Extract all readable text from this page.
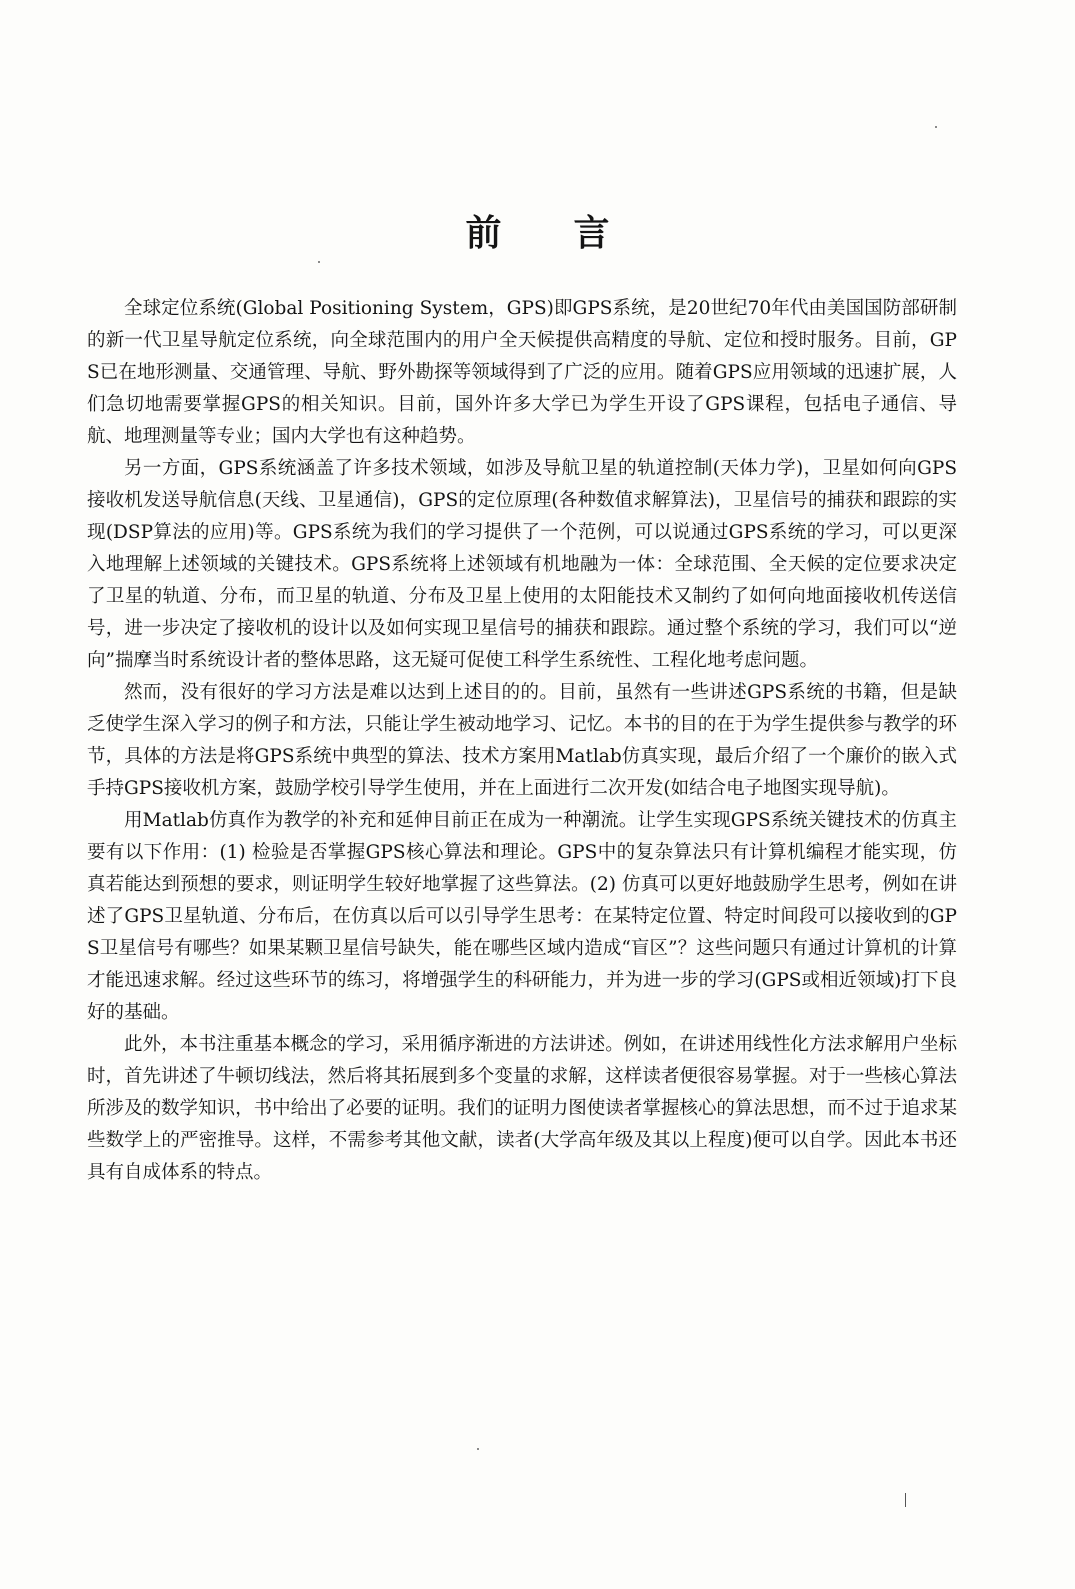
前言

全球定位系统(Global Positioning System，GPS)即GPS系统，是20世纪70年代由美国国防部研制的新一代卫星导航定位系统，向全球范围内的用户全天候提供高精度的导航、定位和授时服务。目前，GPS已在地形测量、交通管理、导航、野外勘探等领域得到了广泛的应用。随着GPS应用领域的迅速扩展，人们急切地需要掌握GPS的相关知识。目前，国外许多大学已为学生开设了GPS课程，包括电子通信、导航、地理测量等专业；国内大学也有这种趋势。

另一方面，GPS系统涵盖了许多技术领域，如涉及导航卫星的轨道控制(天体力学)，卫星如何向GPS接收机发送导航信息(天线、卫星通信)，GPS的定位原理(各种数值求解算法)，卫星信号的捕获和跟踪的实现(DSP算法的应用)等。GPS系统为我们的学习提供了一个范例，可以说通过GPS系统的学习，可以更深入地理解上述领域的关键技术。GPS系统将上述领域有机地融为一体：全球范围、全天候的定位要求决定了卫星的轨道、分布，而卫星的轨道、分布及卫星上使用的太阳能技术又制约了如何向地面接收机传送信号，进一步决定了接收机的设计以及如何实现卫星信号的捕获和跟踪。通过整个系统的学习，我们可以“逆向”揣摩当时系统设计者的整体思路，这无疑可促使工科学生系统性、工程化地考虑问题。

然而，没有很好的学习方法是难以达到上述目的的。目前，虽然有一些讲述GPS系统的书籍，但是缺乏使学生深入学习的例子和方法，只能让学生被动地学习、记忆。本书的目的在于为学生提供参与教学的环节，具体的方法是将GPS系统中典型的算法、技术方案用Matlab仿真实现，最后介绍了一个廉价的嵌入式手持GPS接收机方案，鼓励学校引导学生使用，并在上面进行二次开发(如结合电子地图实现导航)。

用Matlab仿真作为教学的补充和延伸目前正在成为一种潮流。让学生实现GPS系统关键技术的仿真主要有以下作用：(1) 检验是否掌握GPS核心算法和理论。GPS中的复杂算法只有计算机编程才能实现，仿真若能达到预想的要求，则证明学生较好地掌握了这些算法。(2) 仿真可以更好地鼓励学生思考，例如在讲述了GPS卫星轨道、分布后，在仿真以后可以引导学生思考：在某特定位置、特定时间段可以接收到的GPS卫星信号有哪些？如果某颗卫星信号缺失，能在哪些区域内造成“盲区”？这些问题只有通过计算机的计算才能迅速求解。经过这些环节的练习，将增强学生的科研能力，并为进一步的学习(GPS或相近领域)打下良好的基础。

此外，本书注重基本概念的学习，采用循序渐进的方法讲述。例如，在讲述用线性化方法求解用户坐标时，首先讲述了牛顿切线法，然后将其拓展到多个变量的求解，这样读者便很容易掌握。对于一些核心算法所涉及的数学知识，书中给出了必要的证明。我们的证明力图使读者掌握核心的算法思想，而不过于追求某些数学上的严密推导。这样，不需参考其他文献，读者(大学高年级及其以上程度)便可以自学。因此本书还具有自成体系的特点。
